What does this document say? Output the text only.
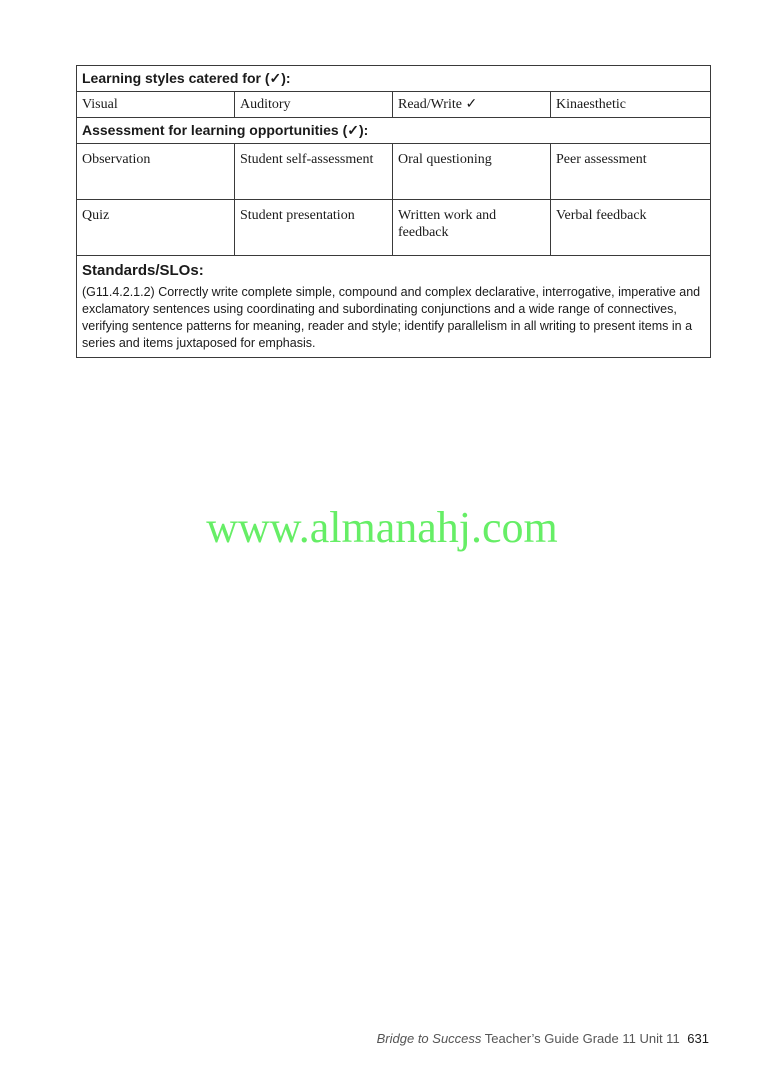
Learning styles catered for (✓):			
Visual	Auditory	Read/Write ✓	Kinaesthetic
Assessment for learning opportunities (✓):			
Observation	Student self-assessment	Oral questioning	Peer assessment
Quiz	Student presentation	Written work and feedback	Verbal feedback

Standards/SLOs:
(G11.4.2.1.2) Correctly write complete simple, compound and complex declarative, interrogative, imperative and exclamatory sentences using coordinating and subordinating conjunctions and a wide range of connectives, verifying sentence patterns for meaning, reader and style; identify parallelism in all writing to present items in a series and items juxtaposed for emphasis.			
www.almanahj.com
Bridge to Success Teacher’s Guide Grade 11 Unit 11 631
